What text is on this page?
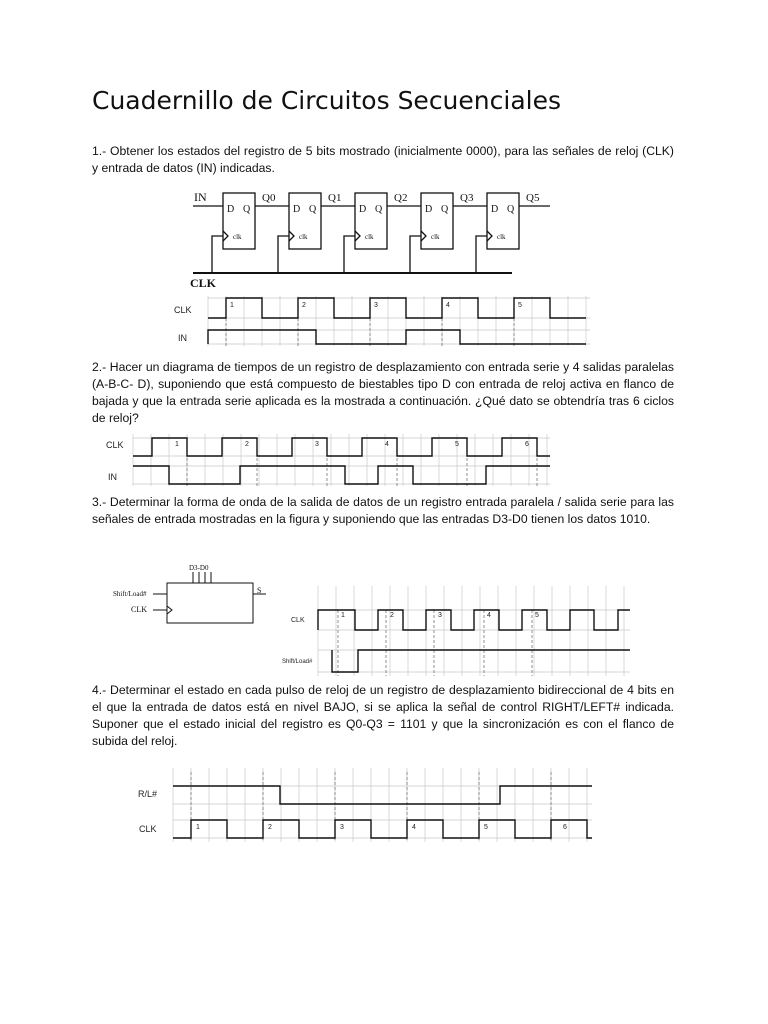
Cuadernillo de Circuitos Secuenciales
1.- Obtener los estados del registro de 5 bits mostrado (inicialmente 0000), para las señales de reloj (CLK) y entrada de datos (IN) indicadas.
2.- Hacer un diagrama de tiempos de un registro de desplazamiento con entrada serie y 4 salidas paralelas (A-B-C- D), suponiendo que está compuesto de biestables tipo D con entrada de reloj activa en flanco de bajada y que la entrada serie aplicada es la mostrada a continuación. ¿Qué dato se obtendría tras 6 ciclos de reloj?
3.- Determinar la forma de onda de la salida de datos de un registro entrada paralela / salida serie para las señales de entrada mostradas en la figura y suponiendo que las entradas D3-D0 tienen los datos 1010.
4.- Determinar el estado en cada pulso de reloj de un registro de desplazamiento bidireccional de 4 bits en el que la entrada de datos está en nivel BAJO, si se aplica la señal de control RIGHT/LEFT# indicada. Suponer que el estado inicial del registro es Q0-Q3 = 1101 y que la sincronización es con el flanco de subida del reloj.
IN
CLK
D Q
clk
D Q
clk
D Q
clk
D Q
clk
D Q
clk
Q0	Q1	Q2	Q3	Q5
CLK
IN
1	2	3	4	5
CLK
IN
1	2	3	4	5	6
D3-D0
Shift/Load#
CLK
S
CLK
Shift/Load#
1	2	3	4	5
R/L#
CLK	1	2	3	4	5	6
